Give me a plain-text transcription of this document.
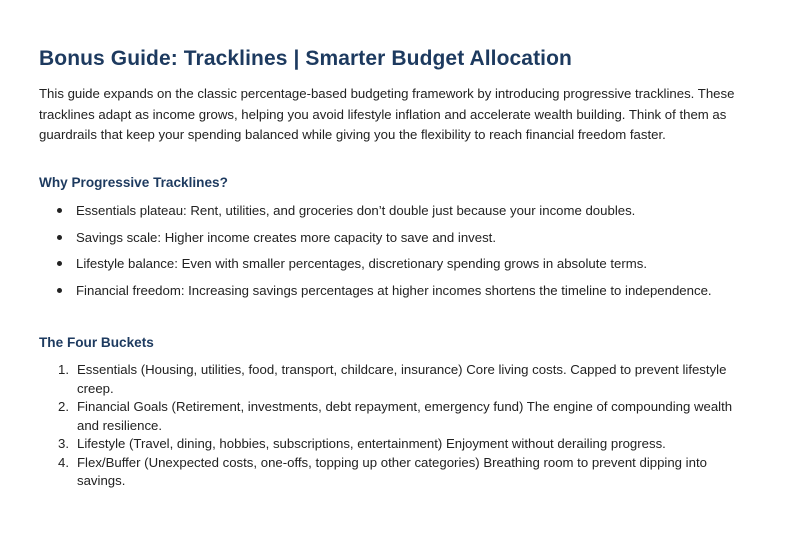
Bonus Guide: Tracklines | Smarter Budget Allocation

This guide expands on the classic percentage-based budgeting framework by introducing progressive tracklines. These tracklines adapt as income grows, helping you avoid lifestyle inflation and accelerate wealth building. Think of them as guardrails that keep your spending balanced while giving you the flexibility to reach financial freedom faster.

Why Progressive Tracklines?
Essentials plateau: Rent, utilities, and groceries don’t double just because your income doubles.
Savings scale: Higher income creates more capacity to save and invest.
Lifestyle balance: Even with smaller percentages, discretionary spending grows in absolute terms.
Financial freedom: Increasing savings percentages at higher incomes shortens the timeline to independence.
The Four Buckets
1. Essentials (Housing, utilities, food, transport, childcare, insurance) Core living costs. Capped to prevent lifestyle creep.
2. Financial Goals (Retirement, investments, debt repayment, emergency fund) The engine of compounding wealth and resilience.
3. Lifestyle (Travel, dining, hobbies, subscriptions, entertainment) Enjoyment without derailing progress.
4. Flex/Buffer (Unexpected costs, one-offs, topping up other categories) Breathing room to prevent dipping into savings.
